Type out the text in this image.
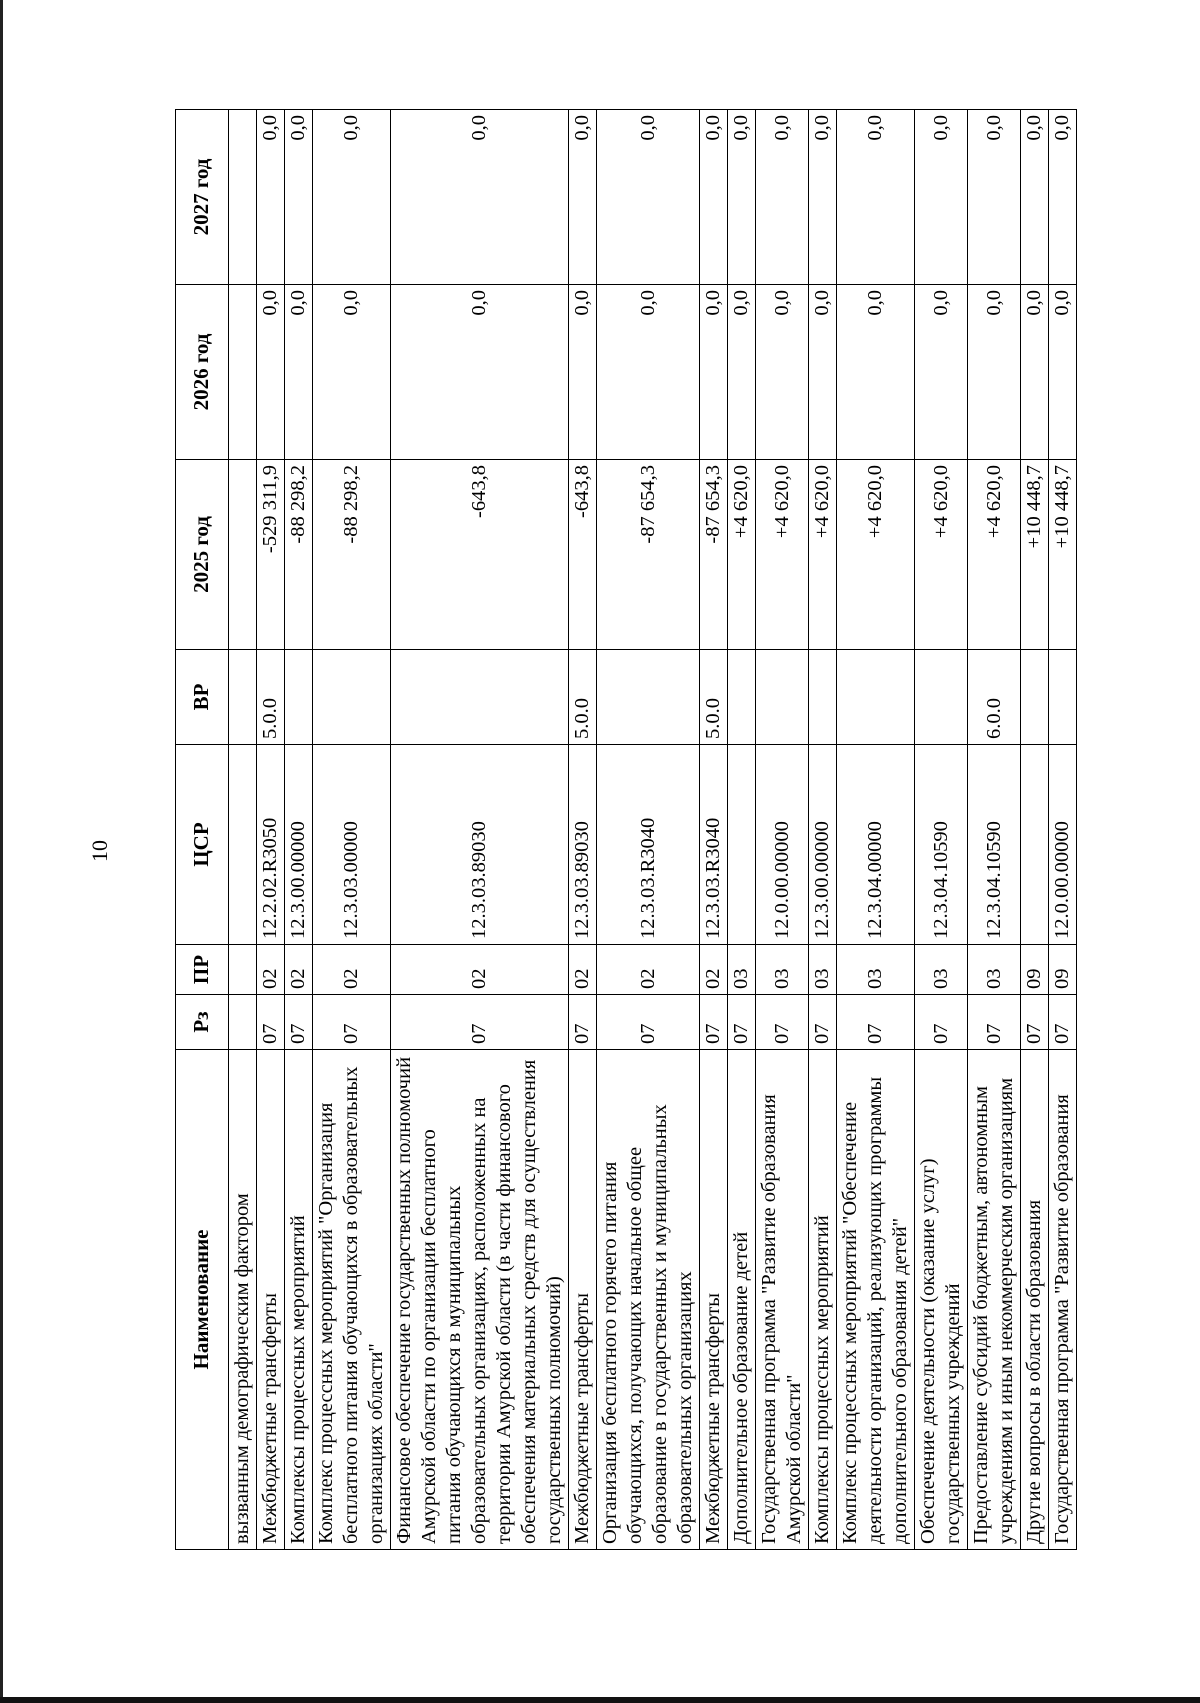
10
Наименование	Рз	ПР	ЦСР	ВР	2025 год	2026 год	2027 год
вызванным демографическим фактором							
Межбюджетные трансферты	07	02	12.2.02.R3050	5.0.0	-529 311,9	0,0	0,0
Комплексы процессных мероприятий	07	02	12.3.00.00000		-88 298,2	0,0	0,0
Комплекс процессных мероприятий "Организация бесплатного питания обучающихся в образовательных организациях области"	07	02	12.3.03.00000		-88 298,2	0,0	0,0
Финансовое обеспечение государственных полномочий Амурской области по организации бесплатного питания обучающихся в муниципальных образовательных организациях, расположенных на территории Амурской области (в части финансового обеспечения материальных средств для осуществления государственных полномочий)	07	02	12.3.03.89030		-643,8	0,0	0,0
Межбюджетные трансферты	07	02	12.3.03.89030	5.0.0	-643,8	0,0	0,0
Организация бесплатного горячего питания обучающихся, получающих начальное общее образование в государственных и муниципальных образовательных организациях	07	02	12.3.03.R3040		-87 654,3	0,0	0,0
Межбюджетные трансферты	07	02	12.3.03.R3040	5.0.0	-87 654,3	0,0	0,0
Дополнительное образование детей	07	03			+4 620,0	0,0	0,0
Государственная программа "Развитие образования Амурской области"	07	03	12.0.00.00000		+4 620,0	0,0	0,0
Комплексы процессных мероприятий	07	03	12.3.00.00000		+4 620,0	0,0	0,0
Комплекс процессных мероприятий "Обеспечение деятельности организаций, реализующих программы дополнительного образования детей"	07	03	12.3.04.00000		+4 620,0	0,0	0,0
Обеспечение деятельности (оказание услуг) государственных учреждений	07	03	12.3.04.10590		+4 620,0	0,0	0,0
Предоставление субсидий бюджетным, автономным учреждениям и иным некоммерческим организациям	07	03	12.3.04.10590	6.0.0	+4 620,0	0,0	0,0
Другие вопросы в области образования	07	09			+10 448,7	0,0	0,0
Государственная программа "Развитие образования	07	09	12.0.00.00000		+10 448,7	0,0	0,0
